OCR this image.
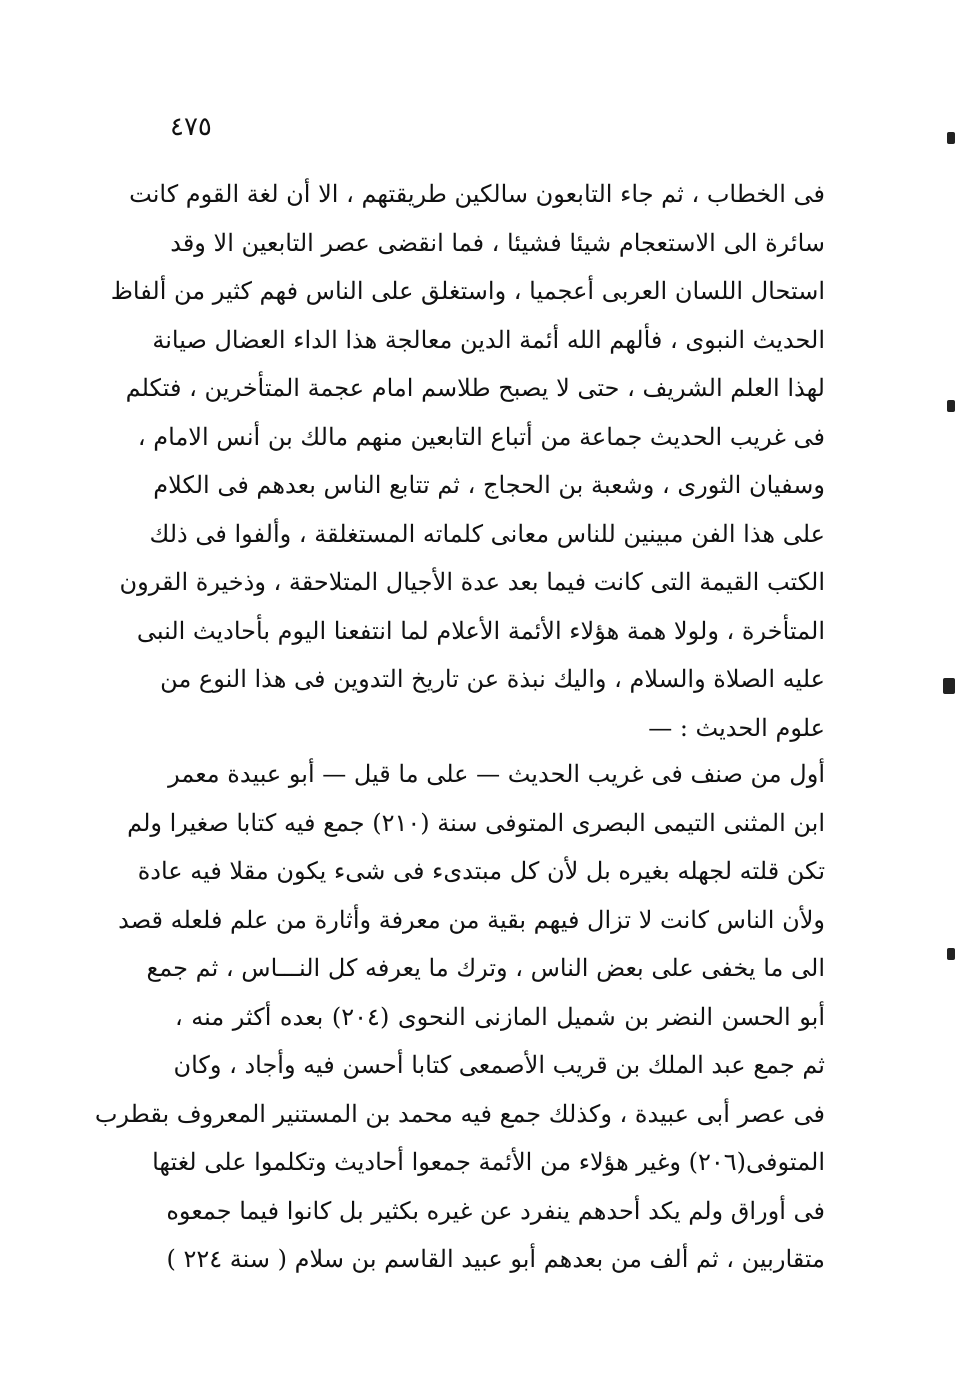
٤٧٥
فى الخطاب ، ثم جاء التابعون سالكين طريقتهم ، الا أن لغة القوم كانت
سائرة الى الاستعجام شيئا فشيئا ، فما انقضى عصر التابعين الا وقد
استحال اللسان العربى أعجميا ، واستغلق على الناس فهم كثير من ألفاظ
الحديث النبوى ، فألهم الله أئمة الدين معالجة هذا الداء العضال صيانة
لهذا العلم الشريف ، حتى لا يصبح طلاسم امام عجمة المتأخرين ، فتكلم
فى غريب الحديث جماعة من أتباع التابعين منهم مالك بن أنس الامام ،
وسفيان الثورى ، وشعبة بن الحجاج ، ثم تتابع الناس بعدهم فى الكلام
على هذا الفن مبينين للناس معانى كلماته المستغلقة ، وألفوا فى ذلك
الكتب القيمة التى كانت فيما بعد عدة الأجيال المتلاحقة ، وذخيرة القرون
المتأخرة ، ولولا همة هؤلاء الأئمة الأعلام لما انتفعنا اليوم بأحاديث النبى
عليه الصلاة والسلام ، واليك نبذة عن تاريخ التدوين فى هذا النوع من
علوم الحديث : —
أول من صنف فى غريب الحديث — على ما قيل — أبو عبيدة معمر
ابن المثنى التيمى البصرى المتوفى سنة (٢١٠) جمع فيه كتابا صغيرا ولم
تكن قلته لجهله بغيره بل لأن كل مبتدىء فى شىء يكون مقلا فيه عادة
ولأن الناس كانت لا تزال فيهم بقية من معرفة وأثارة من علم فلعله قصد
الى ما يخفى على بعض الناس ، وترك ما يعرفه كل النـــاس ، ثم جمع
أبو الحسن النضر بن شميل المازنى النحوى (٢٠٤) بعده أكثر منه ،
ثم جمع عبد الملك بن قريب الأصمعى كتابا أحسن فيه وأجاد ، وكان
فى عصر أبى عبيدة ، وكذلك جمع فيه محمد بن المستنير المعروف بقطرب
المتوفى(٢٠٦) وغير هؤلاء من الأئمة جمعوا أحاديث وتكلموا على لغتها
فى أوراق ولم يكد أحدهم ينفرد عن غيره بكثير بل كانوا فيما جمعوه
متقاربين ، ثم ألف من بعدهم أبو عبيد القاسم بن سلام ( سنة ٢٢٤ )
